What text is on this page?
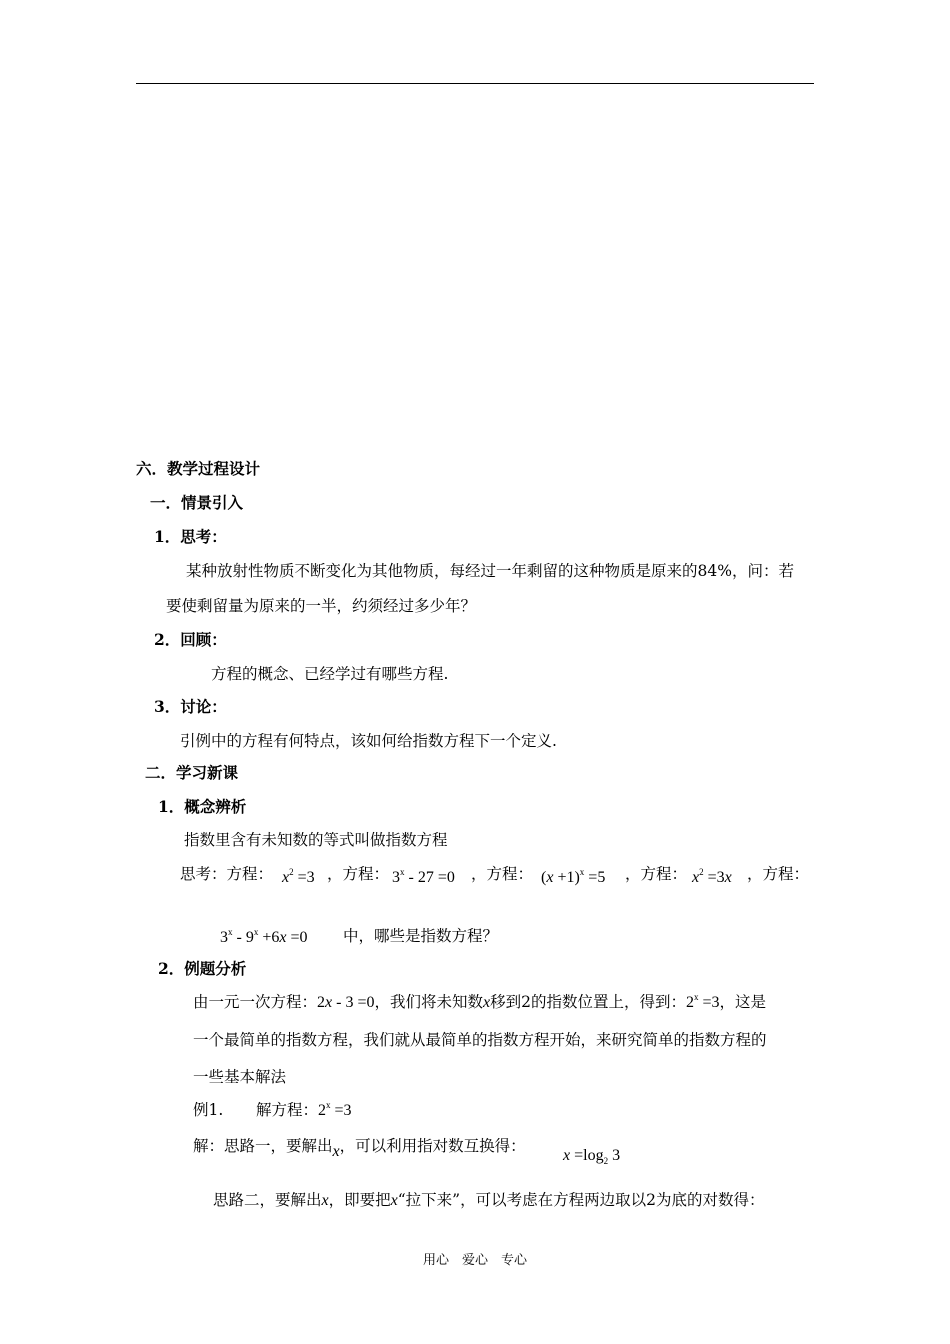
六．教学过程设计
一．情景引入
1．思考：
某种放射性物质不断变化为其他物质，每经过一年剩留的这种物质是原来的84%，问：若
要使剩留量为原来的一半，约须经过多少年？
2．回顾：
方程的概念、已经学过有哪些方程.
3．讨论：
引例中的方程有何特点，该如何给指数方程下一个定义.
二．学习新课
1．概念辨析
指数里含有未知数的等式叫做指数方程
思考：方程： $x^2 =3$ ，方程： 3$^x$ - 27 =0 ，方程： $(x +1)^x =5$ ，方程： $x^2 =3x$ ，方程：
$3^x - 9^x +6x =0$ 中，哪些是指数方程？
2．例题分析
由一元一次方程：2x - 3 =0，我们将未知数x移到2的指数位置上，得到：$2^x =3$，这是
一个最简单的指数方程，我们就从最简单的指数方程开始，来研究简单的指数方程的
一些基本解法
例1. 解方程：$2^x =3$
解：思路一，要解出x，可以利用指对数互换得：
$x =\log_2$ 3
思路二，要解出x，即要把x“拉下来”，可以考虑在方程两边取以2为底的对数得：
用心　爱心　专心
